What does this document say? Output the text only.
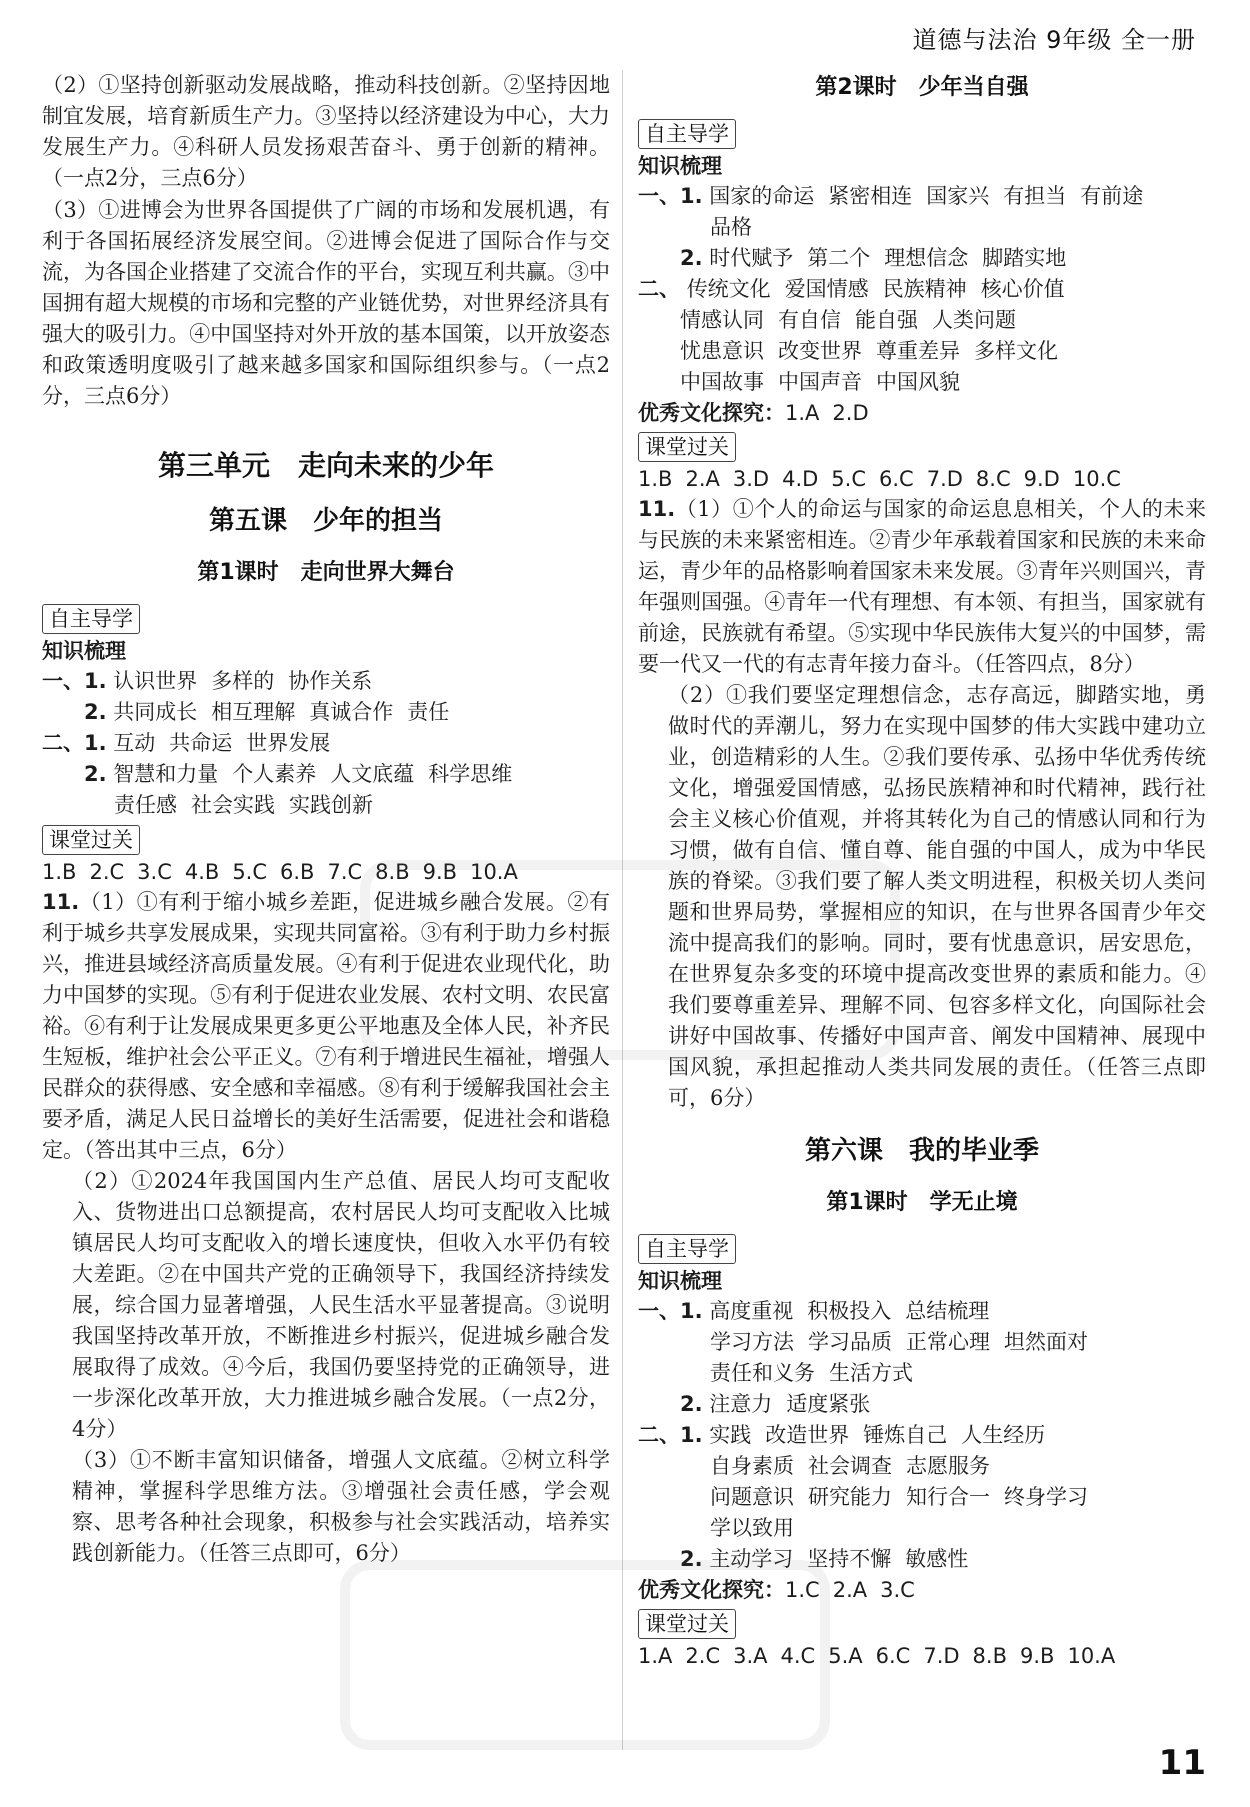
道德与法治 9年级 全一册

（2）①坚持创新驱动发展战略，推动科技创新。②坚持因地制宜发展，培育新质生产力。③坚持以经济建设为中心，大力发展生产力。④科研人员发扬艰苦奋斗、勇于创新的精神。（一点2分，三点6分）

（3）①进博会为世界各国提供了广阔的市场和发展机遇，有利于各国拓展经济发展空间。②进博会促进了国际合作与交流，为各国企业搭建了交流合作的平台，实现互利共赢。③中国拥有超大规模的市场和完整的产业链优势，对世界经济具有强大的吸引力。④中国坚持对外开放的基本国策，以开放姿态和政策透明度吸引了越来越多国家和国际组织参与。（一点2分，三点6分）

第三单元　走向未来的少年
第五课　少年的担当
第1课时　走向世界大舞台
自主导学
知识梳理
一、1. 认识世界 多样的 协作关系
2. 共同成长 相互理解 真诚合作 责任
二、1. 互动 共命运 世界发展
2. 智慧和力量 个人素养 人文底蕴 科学思维
责任感 社会实践 实践创新
课堂过关
1.B 2.C 3.C 4.B 5.C 6.B 7.C 8.B 9.B 10.A

11.（1）①有利于缩小城乡差距，促进城乡融合发展。②有利于城乡共享发展成果，实现共同富裕。③有利于助力乡村振兴，推进县域经济高质量发展。④有利于促进农业现代化，助力中国梦的实现。⑤有利于促进农业发展、农村文明、农民富裕。⑥有利于让发展成果更多更公平地惠及全体人民，补齐民生短板，维护社会公平正义。⑦有利于增进民生福祉，增强人民群众的获得感、安全感和幸福感。⑧有利于缓解我国社会主要矛盾，满足人民日益增长的美好生活需要，促进社会和谐稳定。（答出其中三点，6分）

（2）①2024年我国国内生产总值、居民人均可支配收入、货物进出口总额提高，农村居民人均可支配收入比城镇居民人均可支配收入的增长速度快，但收入水平仍有较大差距。②在中国共产党的正确领导下，我国经济持续发展，综合国力显著增强，人民生活水平显著提高。③说明我国坚持改革开放，不断推进乡村振兴，促进城乡融合发展取得了成效。④今后，我国仍要坚持党的正确领导，进一步深化改革开放，大力推进城乡融合发展。（一点2分，4分）

（3）①不断丰富知识储备，增强人文底蕴。②树立科学精神，掌握科学思维方法。③增强社会责任感，学会观察、思考各种社会现象，积极参与社会实践活动，培养实践创新能力。（任答三点即可，6分）

第2课时　少年当自强
自主导学
知识梳理
一、1. 国家的命运 紧密相连 国家兴 有担当 有前途
品格
2. 时代赋予 第二个 理想信念 脚踏实地
二、 传统文化 爱国情感 民族精神 核心价值
情感认同 有自信 能自强 人类问题
忧患意识 改变世界 尊重差异 多样文化
中国故事 中国声音 中国风貌
优秀文化探究：1.A 2.D
课堂过关
1.B 2.A 3.D 4.D 5.C 6.C 7.D 8.C 9.D 10.C

11.（1）①个人的命运与国家的命运息息相关，个人的未来与民族的未来紧密相连。②青少年承载着国家和民族的未来命运，青少年的品格影响着国家未来发展。③青年兴则国兴，青年强则国强。④青年一代有理想、有本领、有担当，国家就有前途，民族就有希望。⑤实现中华民族伟大复兴的中国梦，需要一代又一代的有志青年接力奋斗。（任答四点，8分）

（2）①我们要坚定理想信念，志存高远，脚踏实地，勇做时代的弄潮儿，努力在实现中国梦的伟大实践中建功立业，创造精彩的人生。②我们要传承、弘扬中华优秀传统文化，增强爱国情感，弘扬民族精神和时代精神，践行社会主义核心价值观，并将其转化为自己的情感认同和行为习惯，做有自信、懂自尊、能自强的中国人，成为中华民族的脊梁。③我们要了解人类文明进程，积极关切人类问题和世界局势，掌握相应的知识，在与世界各国青少年交流中提高我们的影响。同时，要有忧患意识，居安思危，在世界复杂多变的环境中提高改变世界的素质和能力。④我们要尊重差异、理解不同、包容多样文化，向国际社会讲好中国故事、传播好中国声音、阐发中国精神、展现中国风貌，承担起推动人类共同发展的责任。（任答三点即可，6分）

第六课　我的毕业季
第1课时　学无止境
自主导学
知识梳理
一、1. 高度重视 积极投入 总结梳理
学习方法 学习品质 正常心理 坦然面对
责任和义务 生活方式
2. 注意力 适度紧张
二、1. 实践 改造世界 锤炼自己 人生经历
自身素质 社会调查 志愿服务
问题意识 研究能力 知行合一 终身学习
学以致用
2. 主动学习 坚持不懈 敏感性
优秀文化探究：1.C 2.A 3.C
课堂过关
1.A 2.C 3.A 4.C 5.A 6.C 7.D 8.B 9.B 10.A
11
